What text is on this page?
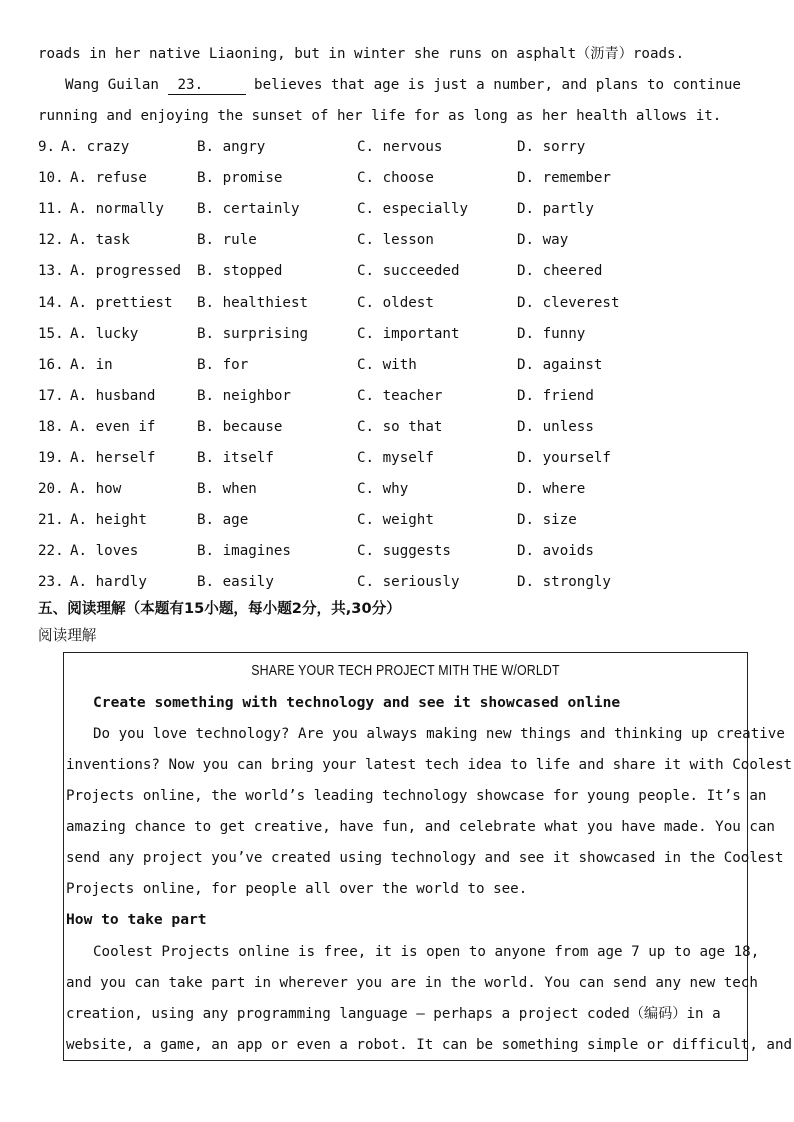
roads in her native Liaoning, but in winter she runs on asphalt（沥青）roads.
Wang Guilan 23.	believes that age is just a number, and plans to continue
running and enjoying the sunset of her life for as long as her health allows it.
9. A. crazy	B. angry	C. nervous	D. sorry
10. A. refuse	B. promise	C. choose	D. remember
11. A. normally B. certainly	C. especially	D. partly
12. A. task	B. rule	C. lesson	D. way
13. A. progressed B. stopped	C. succeeded	D. cheered
14. A. prettiest B. healthiest	C. oldest	D. cleverest
15. A. lucky	B. surprising	C. important	D. funny
16. A. in	B. for	C. with	D. against
17. A. husband	B. neighbor	C. teacher	D. friend
18. A. even if	B. because	C. so that	D. unless
19. A. herself	B. itself	C. myself	D. yourself
20. A. how	B. when	C. why	D. where
21. A. height	B. age	C. weight	D. size
22. A. loves	B. imagines	C. suggests	D. avoids
23. A. hardly	B. easily	C. seriously	D. strongly
五、阅读理解（本题有15小题，每小题2分，共,30分）
阅读理解
SHARE YOUR TECH PROJECT MITH THE W/ORLDT
Create something with technology and see it showcased online
Do you love technology? Are you always making new things and thinking up creative
inventions? Now you can bring your latest tech idea to life and share it with Coolest
Projects online, the world’s leading technology showcase for young people. It’s an
amazing chance to get creative, have fun, and celebrate what you have made. You can
send any project you’ve created using technology and see it showcased in the Coolest
Projects online, for people all over the world to see.
How to take part
Coolest Projects online is free, it is open to anyone from age 7 up to age 18,
and you can take part in wherever you are in the world. You can send any new tech
creation, using any programming language — perhaps a project coded（编码）in a
website, a game, an app or even a robot. It can be something simple or difficult, and
